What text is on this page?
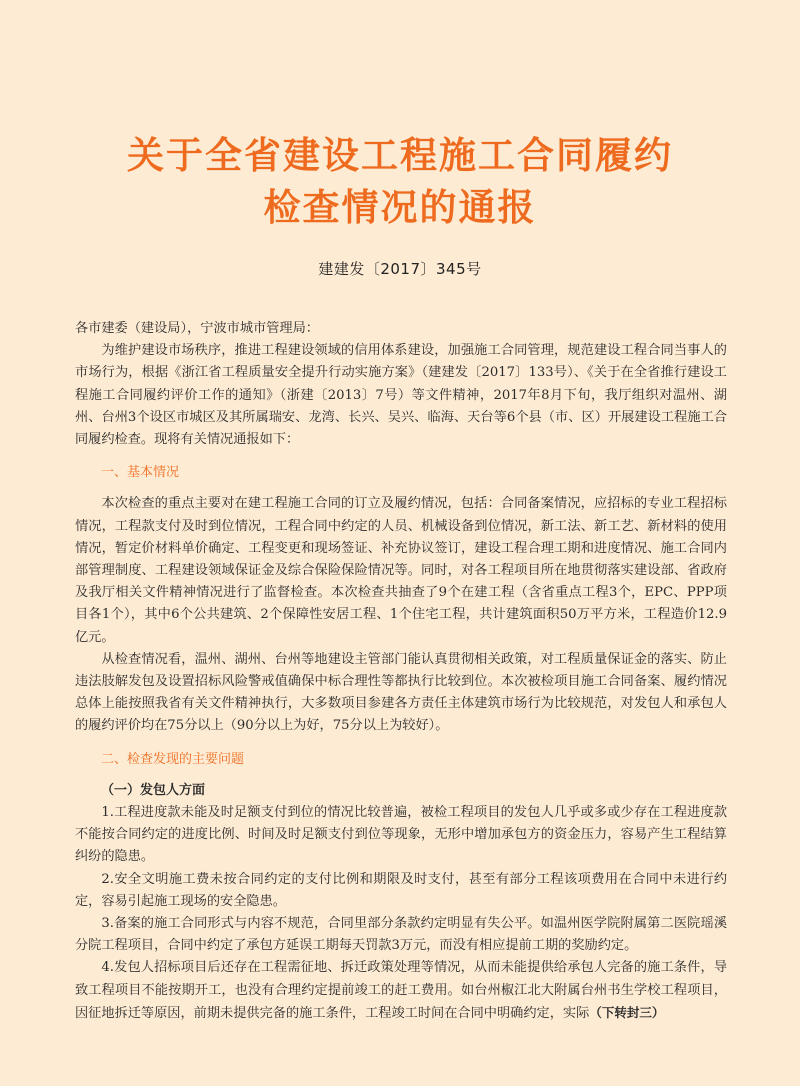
关于全省建设工程施工合同履约
检查情况的通报
建建发〔2017〕345号

各市建委（建设局），宁波市城市管理局：

为维护建设市场秩序，推进工程建设领域的信用体系建设，加强施工合同管理，规范建设工程合同当事人的市场行为，根据《浙江省工程质量安全提升行动实施方案》（建建发〔2017〕133号）、《关于在全省推行建设工程施工合同履约评价工作的通知》（浙建〔2013〕7号）等文件精神，2017年8月下旬，我厅组织对温州、湖州、台州3个设区市城区及其所属瑞安、龙湾、长兴、吴兴、临海、天台等6个县（市、区）开展建设工程施工合同履约检查。现将有关情况通报如下：

一、基本情况

本次检查的重点主要对在建工程施工合同的订立及履约情况，包括：合同备案情况，应招标的专业工程招标情况，工程款支付及时到位情况，工程合同中约定的人员、机械设备到位情况，新工法、新工艺、新材料的使用情况，暂定价材料单价确定、工程变更和现场签证、补充协议签订，建设工程合理工期和进度情况、施工合同内部管理制度、工程建设领域保证金及综合保险保险情况等。同时，对各工程项目所在地贯彻落实建设部、省政府及我厅相关文件精神情况进行了监督检查。本次检查共抽查了9个在建工程（含省重点工程3个，EPC、PPP项目各1个），其中6个公共建筑、2个保障性安居工程、1个住宅工程，共计建筑面积50万平方米，工程造价12.9亿元。

从检查情况看，温州、湖州、台州等地建设主管部门能认真贯彻相关政策，对工程质量保证金的落实、防止违法肢解发包及设置招标风险警戒值确保中标合理性等都执行比较到位。本次被检项目施工合同备案、履约情况总体上能按照我省有关文件精神执行，大多数项目参建各方责任主体建筑市场行为比较规范，对发包人和承包人的履约评价均在75分以上（90分以上为好，75分以上为较好）。

二、检查发现的主要问题

（一）发包人方面

1.工程进度款未能及时足额支付到位的情况比较普遍，被检工程项目的发包人几乎或多或少存在工程进度款不能按合同约定的进度比例、时间及时足额支付到位等现象，无形中增加承包方的资金压力，容易产生工程结算纠纷的隐患。

2.安全文明施工费未按合同约定的支付比例和期限及时支付，甚至有部分工程该项费用在合同中未进行约定，容易引起施工现场的安全隐患。

3.备案的施工合同形式与内容不规范，合同里部分条款约定明显有失公平。如温州医学院附属第二医院瑶溪分院工程项目，合同中约定了承包方延误工期每天罚款3万元，而没有相应提前工期的奖励约定。

4.发包人招标项目后还存在工程需征地、拆迁政策处理等情况，从而未能提供给承包人完备的施工条件，导致工程项目不能按期开工，也没有合理约定提前竣工的赶工费用。如台州椒江北大附属台州书生学校工程项目，因征地拆迁等原因，前期未提供完备的施工条件，工程竣工时间在合同中明确约定，实际（下转封三）
